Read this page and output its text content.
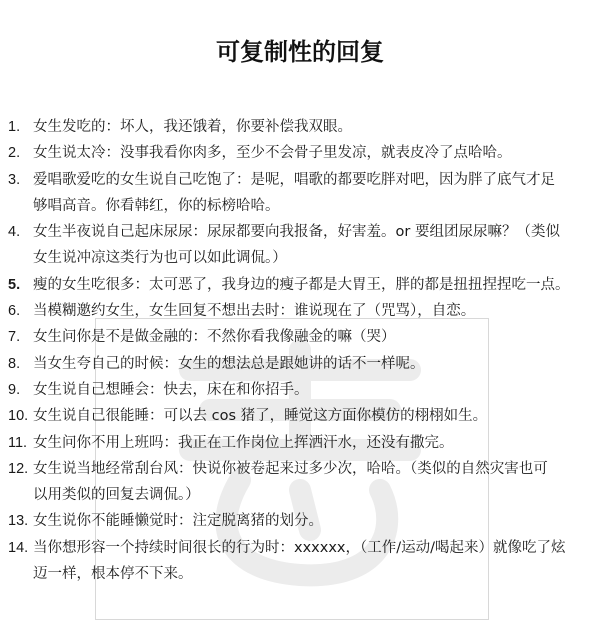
可复制性的回复
1. 女生发吃的：坏人，我还饿着，你要补偿我双眼。
2. 女生说太冷：没事我看你肉多，至少不会骨子里发凉，就表皮冷了点哈哈。
3. 爱唱歌爱吃的女生说自己吃饱了：是呢，唱歌的都要吃胖对吧，因为胖了底气才足
够唱高音。你看韩红，你的标榜哈哈。
4. 女生半夜说自己起床尿尿：尿尿都要向我报备，好害羞。or 要组团尿尿嘛？（类似
女生说冲凉这类行为也可以如此调侃。）
5. 瘦的女生吃很多：太可恶了，我身边的瘦子都是大胃王，胖的都是扭扭捏捏吃一点。
6. 当模糊邀约女生，女生回复不想出去时：谁说现在了（咒骂），自恋。
7. 女生问你是不是做金融的：不然你看我像融金的嘛（哭）
8. 当女生夸自己的时候：女生的想法总是跟她讲的话不一样呢。
9. 女生说自己想睡会：快去，床在和你招手。
10. 女生说自己很能睡：可以去 cos 猪了，睡觉这方面你模仿的栩栩如生。
11. 女生问你不用上班吗：我正在工作岗位上挥洒汗水，还没有撒完。
12. 女生说当地经常刮台风：快说你被卷起来过多少次，哈哈。（类似的自然灾害也可
以用类似的回复去调侃。）
13. 女生说你不能睡懒觉时：注定脱离猪的划分。
14. 当你想形容一个持续时间很长的行为时：xxxxxx，（工作/运动/喝起来）就像吃了炫
迈一样，根本停不下来。
